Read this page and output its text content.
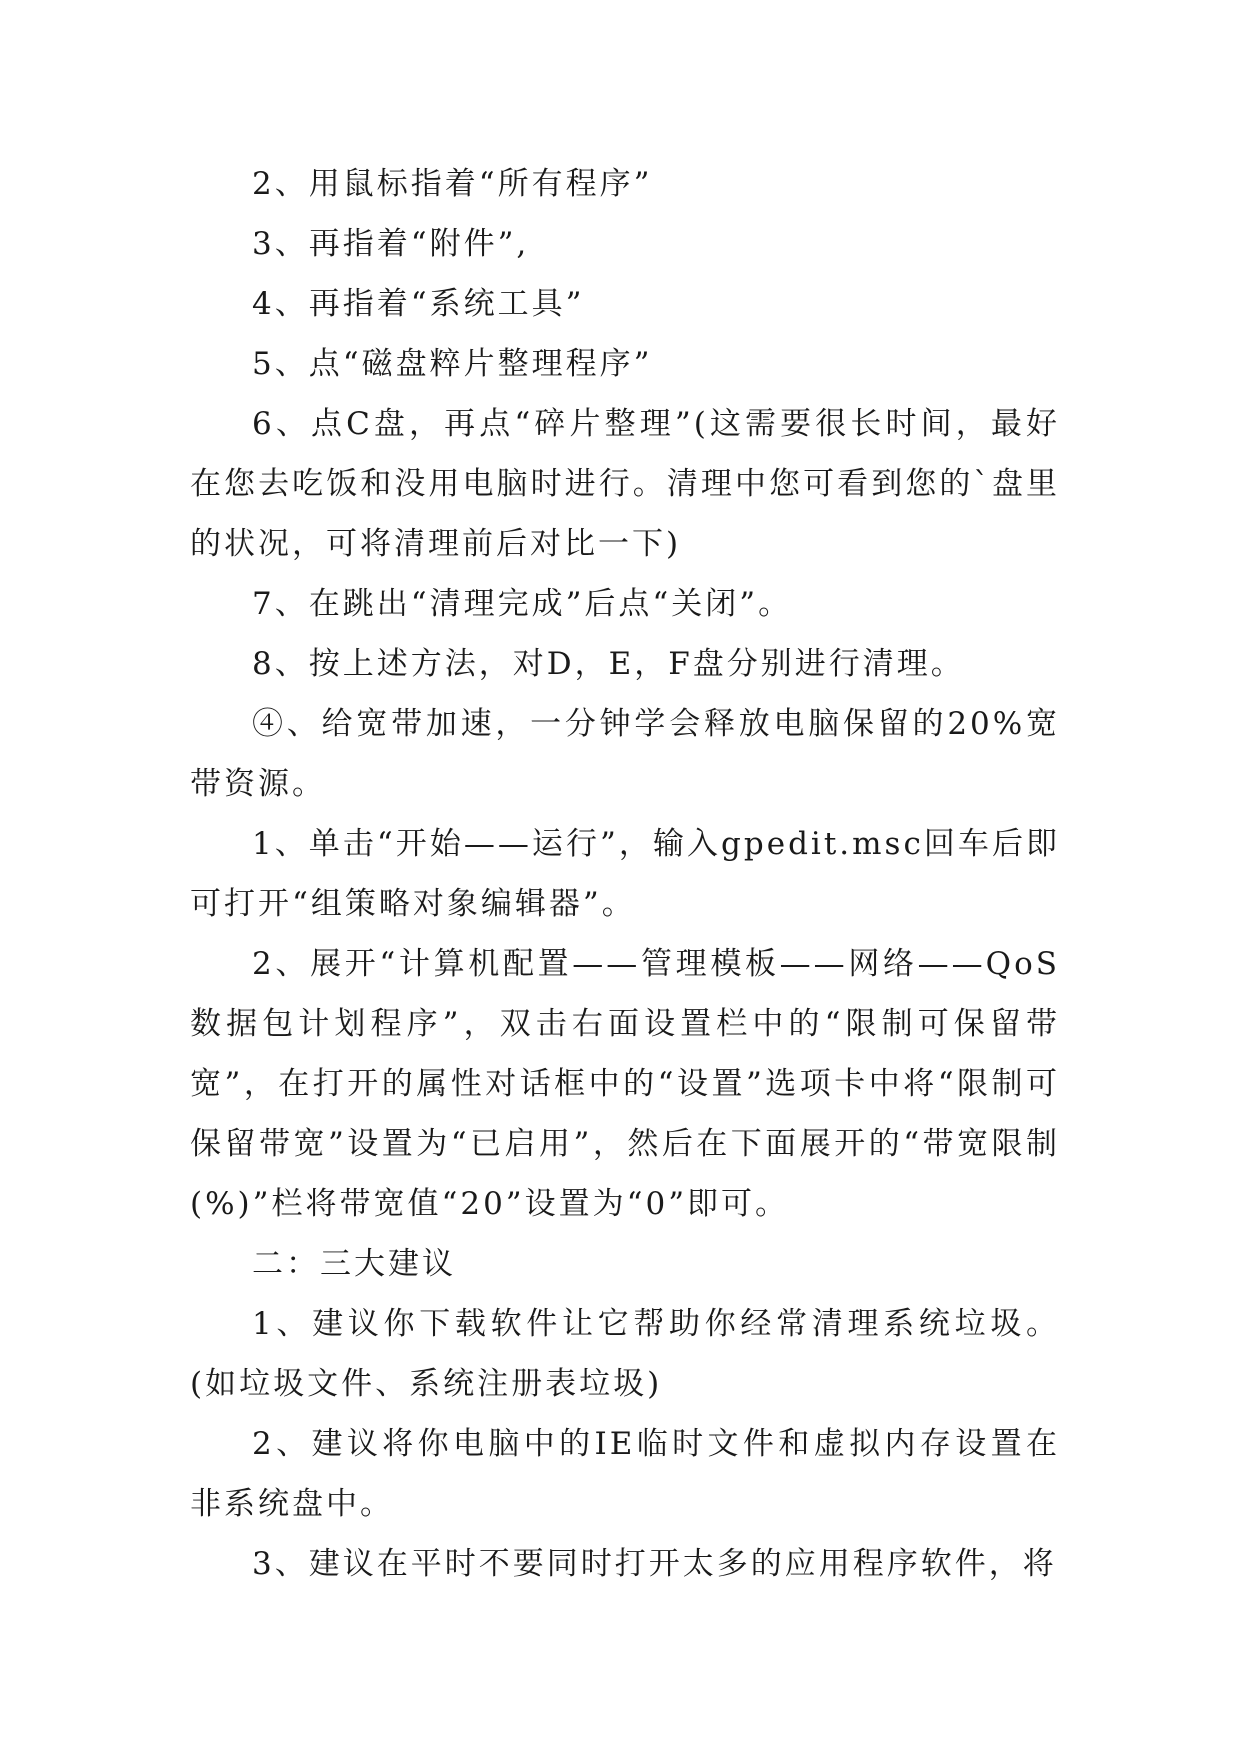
2、用鼠标指着“所有程序”

3、再指着“附件”,

4、再指着“系统工具”

5、点“磁盘粹片整理程序”

6、点C盘，再点“碎片整理”(这需要很长时间，最好在您去吃饭和没用电脑时进行。清理中您可看到您的`盘里的状况，可将清理前后对比一下)

7、在跳出“清理完成”后点“关闭”。

8、按上述方法，对D，E，F盘分别进行清理。

④、给宽带加速，一分钟学会释放电脑保留的20%宽带资源。

1、单击“开始——运行”，输入gpedit.msc回车后即可打开“组策略对象编辑器”。

2、展开“计算机配置——管理模板——网络——QoS数据包计划程序”，双击右面设置栏中的“限制可保留带宽”，在打开的属性对话框中的“设置”选项卡中将“限制可保留带宽”设置为“已启用”，然后在下面展开的“带宽限制(%)”栏将带宽值“20”设置为“0”即可。

二：三大建议

1、建议你下载软件让它帮助你经常清理系统垃圾。(如垃圾文件、系统注册表垃圾)

2、建议将你电脑中的IE临时文件和虚拟内存设置在非系统盘中。

3、建议在平时不要同时打开太多的应用程序软件，将
